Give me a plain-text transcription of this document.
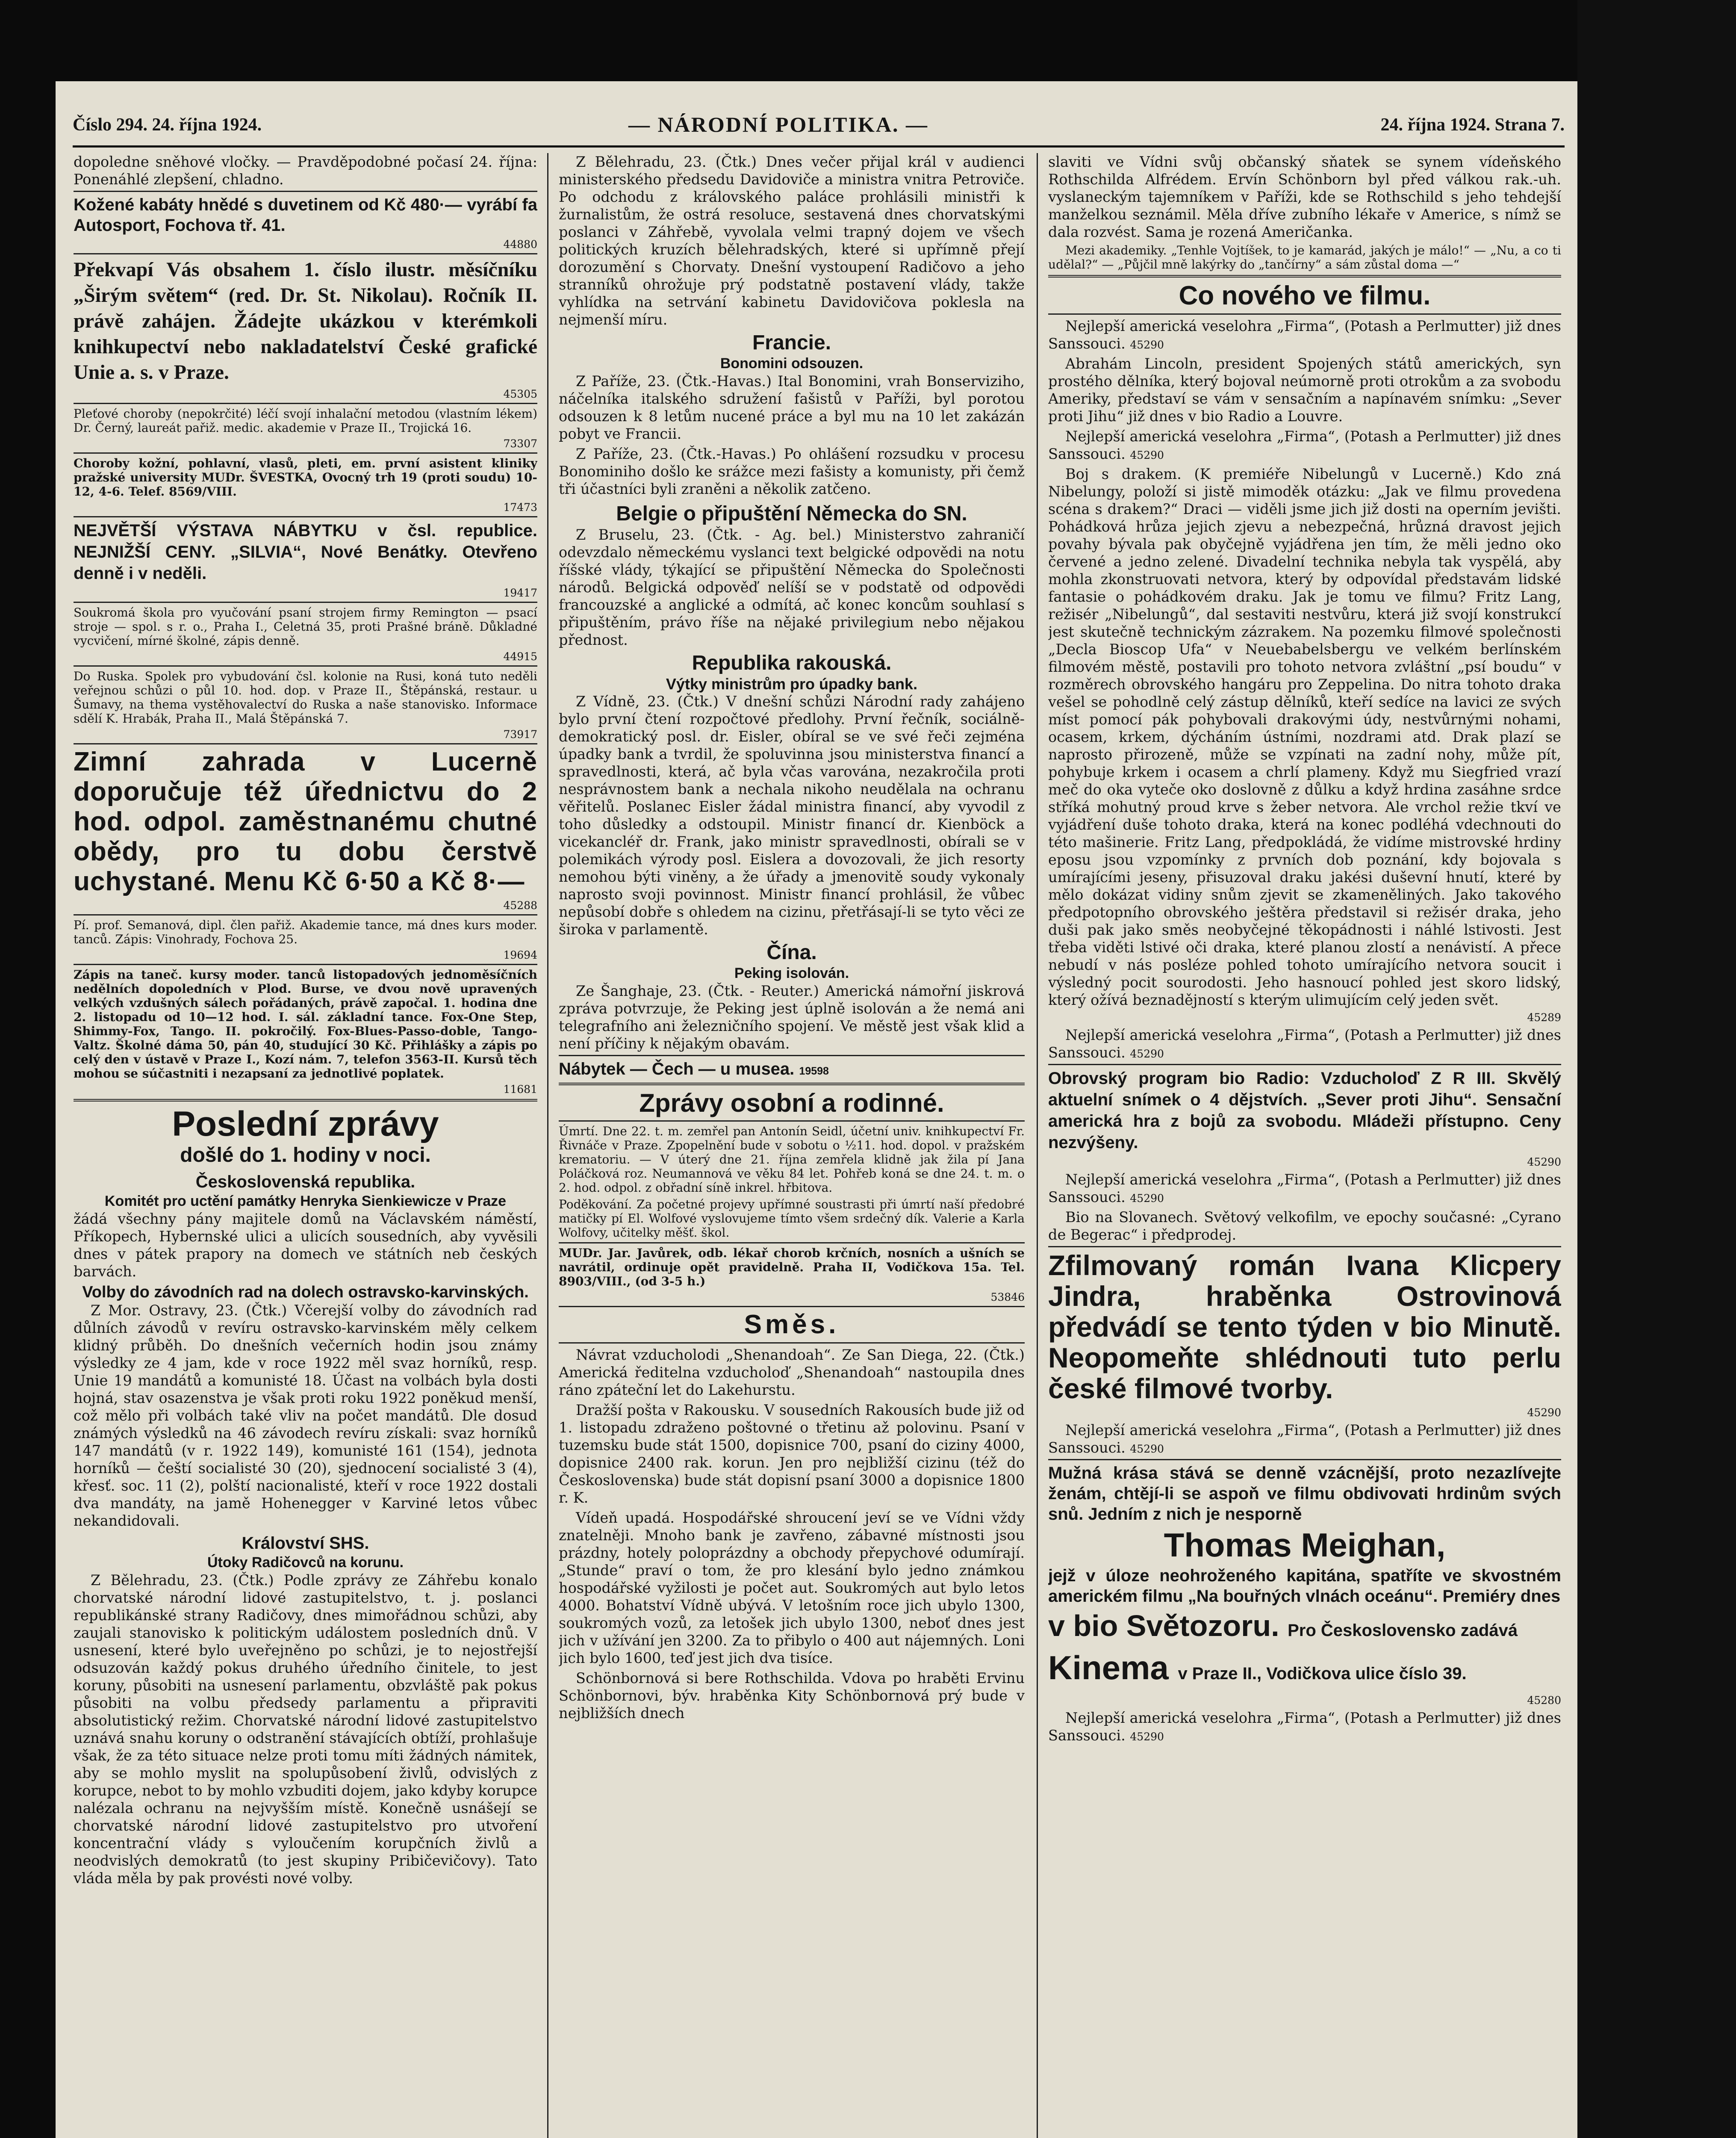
Číslo 294. 24. října 1924.	— NÁRODNÍ POLITIKA. —	24. října 1924. Strana 7.

dopoledne sněhové vločky. — Pravděpodobné počasí 24. října: Ponenáhlé zlepšení, chladno.

Kožené kabáty hnědé s duvetinem od Kč 480·— vyrábí fa Autosport, Fochova tř. 41.

44880

Překvapí Vás obsahem 1. číslo ilustr. měsíčníku „Širým světem“ (red. Dr. St. Nikolau). Ročník II. právě zahájen. Žádejte ukázkou v kterémkoli knihkupectví nebo nakladatelství České grafické Unie a. s. v Praze.

45305

Pleťové choroby (nepokrčité) léčí svojí inhalační metodou (vlastním lékem) Dr. Černý, laureát pařiž. medic. akademie v Praze II., Trojická 16.

73307

Choroby kožní, pohlavní, vlasů, pleti, em. první asistent kliniky pražské university MUDr. ŠVESTKA, Ovocný trh 19 (proti soudu) 10-12, 4-6. Telef. 8569/VIII.

17473

NEJVĚTŠÍ VÝSTAVA NÁBYTKU v čsl. republice. NEJNIŽŠÍ CENY. „SILVIA“, Nové Benátky. Otevřeno denně i v neděli.

19417

Soukromá škola pro vyučování psaní strojem firmy Remington — psací stroje — spol. s r. o., Praha I., Celetná 35, proti Prašné bráně. Důkladné vycvičení, mírné školné, zápis denně.

44915

Do Ruska. Spolek pro vybudování čsl. kolonie na Rusi, koná tuto neděli veřejnou schůzi o půl 10. hod. dop. v Praze II., Štěpánská, restaur. u Šumavy, na thema vystěhovalectví do Ruska a naše stanovisko. Informace sdělí K. Hrabák, Praha II., Malá Štěpánská 7.

73917

Zimní zahrada v Lucerně doporučuje též úřednictvu do 2 hod. odpol. zaměstnanému chutné obědy, pro tu dobu čerstvě uchystané. Menu Kč 6·50 a Kč 8·—

45288

Pí. prof. Semanová, dipl. člen pařiž. Akademie tance, má dnes kurs moder. tanců. Zápis: Vinohrady, Fochova 25.

19694

Zápis na taneč. kursy moder. tanců listopadových jednoměsíčních nedělních dopoledních v Plod. Burse, ve dvou nově upravených velkých vzdušných sálech pořádaných, právě započal. 1. hodina dne 2. listopadu od 10—12 hod. I. sál. základní tance. Fox-One Step, Shimmy-Fox, Tango. II. pokročilý. Fox-Blues-Passo-doble, Tango-Valtz. Školné dáma 50, pán 40, studující 30 Kč. Přihlášky a zápis po celý den v ústavě v Praze I., Kozí nám. 7, telefon 3563-II. Kursů těch mohou se súčastniti i nezapsaní za jednotlivé poplatek.

11681

Poslední zprávy
došlé do 1. hodiny v noci.
Československá republika.
Komitét pro uctění památky Henryka Sienkiewicze v Praze

žádá všechny pány majitele domů na Václavském náměstí, Příkopech, Hybernské ulici a ulicích sousedních, aby vyvěsili dnes v pátek prapory na domech ve státních neb českých barvách.

Volby do závodních rad na dolech ostravsko-karvinských.

Z Mor. Ostravy, 23. (Čtk.) Včerejší volby do závodních rad důlních závodů v revíru ostravsko-karvinském měly celkem klidný průběh. Do dnešních večerních hodin jsou známy výsledky ze 4 jam, kde v roce 1922 měl svaz horníků, resp. Unie 19 mandátů a komunisté 18. Účast na volbách byla dosti hojná, stav osazenstva je však proti roku 1922 poněkud menší, což mělo při volbách také vliv na počet mandátů. Dle dosud známých výsledků na 46 závodech revíru získali: svaz horníků 147 mandátů (v r. 1922 149), komunisté 161 (154), jednota horníků — čeští socialisté 30 (20), sjednocení socialisté 3 (4), křesť. soc. 11 (2), polští nacionalisté, kteří v roce 1922 dostali dva mandáty, na jamě Hohenegger v Karviné letos vůbec nekandidovali.

Království SHS.
Útoky Radičovců na korunu.

Z Bělehradu, 23. (Čtk.) Podle zprávy ze Záhřebu konalo chorvatské národní lidové zastupitelstvo, t. j. poslanci republikánské strany Radičovy, dnes mimořádnou schůzi, aby zaujali stanovisko k politickým událostem posledních dnů. V usnesení, které bylo uveřejněno po schůzi, je to nejostřejší odsuzován každý pokus druhého úředního činitele, to jest koruny, působiti na usnesení parlamentu, obzvláště pak pokus působiti na volbu předsedy parlamentu a připraviti absolutistický režim. Chorvatské národní lidové zastupitelstvo uznává snahu koruny o odstranění stávajících obtíží, prohlašuje však, že za této situace nelze proti tomu míti žádných námitek, aby se mohlo myslit na spolupůsobení živlů, odvislých z korupce, nebot to by mohlo vzbuditi dojem, jako kdyby korupce nalézala ochranu na nejvyšším místě. Konečně usnášejí se chorvatské národní lidové zastupitelstvo pro utvoření koncentrační vlády s vyloučením korupčních živlů a neodvislých demokratů (to jest skupiny Pribičevičovy). Tato vláda měla by pak provésti nové volby.

Z Bělehradu, 23. (Čtk.) Dnes večer přijal král v audienci ministerského předsedu Davidoviče a ministra vnitra Petroviče. Po odchodu z královského paláce prohlásili ministři k žurnalistům, že ostrá resoluce, sestavená dnes chorvatskými poslanci v Záhřebě, vyvolala velmi trapný dojem ve všech politických kruzích bělehradských, které si upřímně přejí dorozumění s Chorvaty. Dnešní vystoupení Radičovo a jeho stranníků ohrožuje prý podstatně postavení vlády, takže vyhlídka na setrvání kabinetu Davidovičova poklesla na nejmenší míru.

Francie.
Bonomini odsouzen.

Z Paříže, 23. (Čtk.-Havas.) Ital Bonomini, vrah Bonserviziho, náčelníka italského sdružení fašistů v Paříži, byl porotou odsouzen k 8 letům nucené práce a byl mu na 10 let zakázán pobyt ve Francii.

Z Paříže, 23. (Čtk.-Havas.) Po ohlášení rozsudku v procesu Bonominiho došlo ke srážce mezi fašisty a komunisty, při čemž tři účastníci byli zraněni a několik zatčeno.

Belgie o připuštění Německa do SN.

Z Bruselu, 23. (Čtk. - Ag. bel.) Ministerstvo zahraničí odevzdalo německému vyslanci text belgické odpovědi na notu říšské vlády, týkající se připuštění Německa do Společnosti národů. Belgická odpověď nelíší se v podstatě od odpovědi francouzské a anglické a odmítá, ač konec koncům souhlasí s připuštěním, právo říše na nějaké privilegium nebo nějakou přednost.

Republika rakouská.
Výtky ministrům pro úpadky bank.

Z Vídně, 23. (Čtk.) V dnešní schůzi Národní rady zahájeno bylo první čtení rozpočtové předlohy. První řečník, sociálně-demokratický posl. dr. Eisler, obíral se ve své řeči zejména úpadky bank a tvrdil, že spoluvinna jsou ministerstva financí a spravedlnosti, která, ač byla včas varována, nezakročila proti nesprávnostem bank a nechala nikoho neudělala na ochranu věřitelů. Poslanec Eisler žádal ministra financí, aby vyvodil z toho důsledky a odstoupil. Ministr financí dr. Kienböck a vicekancléř dr. Frank, jako ministr spravedlnosti, obírali se v polemikách výrody posl. Eislera a dovozovali, že jich resorty nemohou býti viněny, a že úřady a jmenovitě soudy vykonaly naprosto svoji povinnost. Ministr financí prohlásil, že vůbec nepůsobí dobře s ohledem na cizinu, přetřásají-li se tyto věci ze široka v parlamentě.

Čína.
Peking isolován.

Ze Šanghaje, 23. (Čtk. - Reuter.) Americká námořní jiskrová zpráva potvrzuje, že Peking jest úplně isolován a že nemá ani telegrafního ani železničního spojení. Ve městě jest však klid a není příčiny k nějakým obavám.

Nábytek — Čech — u musea. 19598
Zprávy osobní a rodinné.

Úmrtí. Dne 22. t. m. zemřel pan Antonín Seidl, účetní univ. knihkupectví Fr. Řivnáče v Praze. Zpopelnění bude v sobotu o ½11. hod. dopol. v pražském krematoriu. — V úterý dne 21. října zemřela klidně jak žila pí Jana Poláčková roz. Neumannová ve věku 84 let. Pohřeb koná se dne 24. t. m. o 2. hod. odpol. z obřadní síně inkrel. hřbitova.

Poděkování. Za početné projevy upřímné soustrasti při úmrtí naší předobré matičky pí El. Wolfové vyslovujeme tímto všem srdečný dík. Valerie a Karla Wolfovy, učitelky měšť. škol.

MUDr. Jar. Javůrek, odb. lékař chorob krčních, nosních a ušních se navrátil, ordinuje opět pravidelně. Praha II, Vodičkova 15a. Tel. 8903/VIII., (od 3-5 h.)

53846

Směs.

Návrat vzducholodi „Shenandoah“. Ze San Diega, 22. (Čtk.) Americká ředitelna vzducholoď „Shenandoah“ nastoupila dnes ráno zpáteční let do Lakehurstu.

Dražší pošta v Rakousku. V sousedních Rakousích bude již od 1. listopadu zdraženo poštovné o třetinu až polovinu. Psaní v tuzemsku bude stát 1500, dopisnice 700, psaní do ciziny 4000, dopisnice 2400 rak. korun. Jen pro nejbližší cizinu (též do Československa) bude stát dopisní psaní 3000 a dopisnice 1800 r. K.

Vídeň upadá. Hospodářské shroucení jeví se ve Vídni vždy znatelněji. Mnoho bank je zavřeno, zábavné místnosti jsou prázdny, hotely poloprázdny a obchody přepychové odumírají. „Stunde“ praví o tom, že pro klesání bylo jedno známkou hospodářské vyžilosti je počet aut. Soukromých aut bylo letos 4000. Bohatství Vídně ubývá. V letošním roce jich ubylo 1300, soukromých vozů, za letošek jich ubylo 1300, neboť dnes jest jich v užívání jen 3200. Za to přibylo o 400 aut nájemných. Loni jich bylo 1600, teď jest jich dva tisíce.

Schönbornová si bere Rothschilda. Vdova po hraběti Ervinu Schönbornovi, býv. hraběnka Kity Schönbornová prý bude v nejbližších dnech

slaviti ve Vídni svůj občanský sňatek se synem vídeňského Rothschilda Alfrédem. Ervín Schönborn byl před válkou rak.-uh. vyslaneckým tajemníkem v Paříži, kde se Rothschild s jeho tehdejší manželkou seznámil. Měla dříve zubního lékaře v Americe, s nímž se dala rozvést. Sama je rozená Američanka.

Mezi akademiky. „Tenhle Vojtíšek, to je kamarád, jakých je málo!“ — „Nu, a co ti udělal?“ — „Půjčil mně lakýrky do „tančírny“ a sám zůstal doma —“

Co nového ve filmu.

Nejlepší americká veselohra „Firma“, (Potash a Perlmutter) již dnes Sanssouci. 45290

Abrahám Lincoln, president Spojených států amerických, syn prostého dělníka, který bojoval neúmorně proti otrokům a za svobodu Ameriky, představí se vám v sensačním a napínavém snímku: „Sever proti Jihu“ již dnes v bio Radio a Louvre.

Nejlepší americká veselohra „Firma“, (Potash a Perlmutter) již dnes Sanssouci. 45290

Boj s drakem. (K premiéře Nibelungů v Lucerně.) Kdo zná Nibelungy, položí si jistě mimoděk otázku: „Jak ve filmu provedena scéna s drakem?“ Draci — viděli jsme jich již dosti na operním jevišti. Pohádková hrůza jejich zjevu a nebezpečná, hrůzná dravost jejich povahy bývala pak obyčejně vyjádřena jen tím, že měli jedno oko červené a jedno zelené. Divadelní technika nebyla tak vyspělá, aby mohla zkonstruovati netvora, který by odpovídal představám lidské fantasie o pohádkovém draku. Jak je tomu ve filmu? Fritz Lang, režisér „Nibelungů“, dal sestaviti nestvůru, která již svojí konstrukcí jest skutečně technickým zázrakem. Na pozemku filmové společnosti „Decla Bioscop Ufa“ v Neuebabelsbergu ve velkém berlínském filmovém městě, postavili pro tohoto netvora zvláštní „psí boudu“ v rozměrech obrovského hangáru pro Zeppelina. Do nitra tohoto draka vešel se pohodlně celý zástup dělníků, kteří sedíce na lavici ze svých míst pomocí pák pohybovali drakovými údy, nestvůrnými nohami, ocasem, krkem, dýcháním ústními, nozdrami atd. Drak plazí se naprosto přirozeně, může se vzpínati na zadní nohy, může pít, pohybuje krkem i ocasem a chrlí plameny. Když mu Siegfried vrazí meč do oka vyteče oko doslovně z důlku a když hrdina zasáhne srdce stříká mohutný proud krve s žeber netvora. Ale vrchol režie tkví ve vyjádření duše tohoto draka, která na konec podléhá vdechnouti do této mašinerie. Fritz Lang, předpokládá, že vidíme mistrovské hrdiny eposu jsou vzpomínky z prvních dob poznání, kdy bojovala s umírajícími jeseny, přisuzoval draku jakési duševní hnutí, které by mělo dokázat vidiny snům zjevit se zkameněliných. Jako takového předpotopního obrovského ještěra představil si režisér draka, jeho duši pak jako směs neobyčejné těkopádnosti i náhlé lstivosti. Jest třeba viděti lstivé oči draka, které planou zlostí a nenávistí. A přece nebudí v nás posléze pohled tohoto umírajícího netvora soucit i výsledný pocit sourodosti. Jeho hasnoucí pohled jest skoro lidský, který ožívá beznadějností s kterým ulimujícím celý jeden svět.

45289

Nejlepší americká veselohra „Firma“, (Potash a Perlmutter) již dnes Sanssouci. 45290

Obrovský program bio Radio: Vzducholoď Z R III. Skvělý aktuelní snímek o 4 dějstvích. „Sever proti Jihu“. Sensační americká hra z bojů za svobodu. Mládeži přístupno. Ceny nezvýšeny.

45290

Nejlepší americká veselohra „Firma“, (Potash a Perlmutter) již dnes Sanssouci. 45290

Bio na Slovanech. Světový velkofilm, ve epochy současné: „Cyrano de Begerac“ i předprodej.

Zfilmovaný román Ivana Klicpery Jindra, hraběnka Ostrovinová předvádí se tento týden v bio Minutě. Neopomeňte shlédnouti tuto perlu české filmové tvorby.

45290

Nejlepší americká veselohra „Firma“, (Potash a Perlmutter) již dnes Sanssouci. 45290

Mužná krása stává se denně vzácnější, proto nezazlívejte ženám, chtějí-li se aspoň ve filmu obdivovati hrdinům svých snů. Jedním z nich je nesporně

Thomas Meighan,

jejž v úloze neohroženého kapitána, spatříte ve skvostném americkém filmu „Na bouřných vlnách oceánu“. Premiéry dnes

v bio Světozoru. Pro Československo zadává

Kinema v Praze II., Vodičkova ulice číslo 39.

45280

Nejlepší americká veselohra „Firma“, (Potash a Perlmutter) již dnes Sanssouci. 45290
